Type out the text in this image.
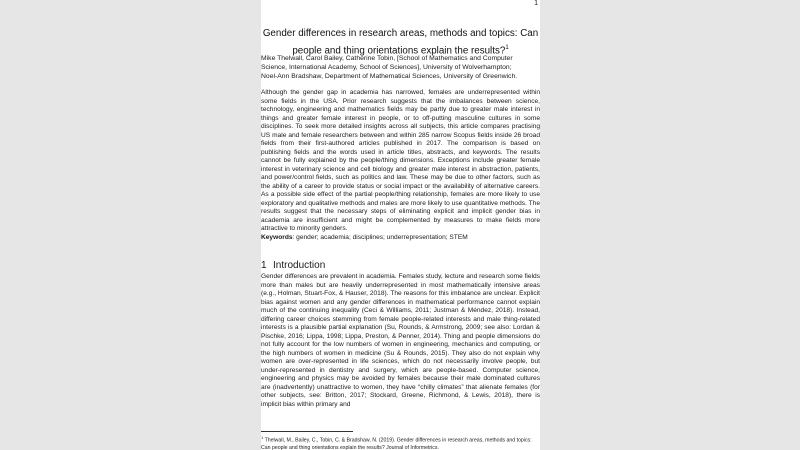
1
Gender differences in research areas, methods and topics: Can people and thing orientations explain the results?$^1$
Mike Thelwall, Carol Bailey, Catherine Tobin, [School of Mathematics and Computer Science, International Academy, School of Sciences], University of Wolverhampton;
Noel-Ann Bradshaw, Department of Mathematical Sciences, University of Greenwich.

Although the gender gap in academia has narrowed, females are underrepresented within some fields in the USA. Prior research suggests that the imbalances between science, technology, engineering and mathematics fields may be partly due to greater male interest in things and greater female interest in people, or to off-putting masculine cultures in some disciplines. To seek more detailed insights across all subjects, this article compares practising US male and female researchers between and within 285 narrow Scopus fields inside 26 broad fields from their first-authored articles published in 2017. The comparison is based on publishing fields and the words used in article titles, abstracts, and keywords. The results cannot be fully explained by the people/thing dimensions. Exceptions include greater female interest in veterinary science and cell biology and greater male interest in abstraction, patients, and power/control fields, such as politics and law. These may be due to other factors, such as the ability of a career to provide status or social impact or the availability of alternative careers. As a possible side effect of the partial people/thing relationship, females are more likely to use exploratory and qualitative methods and males are more likely to use quantitative methods. The results suggest that the necessary steps of eliminating explicit and implicit gender bias in academia are insufficient and might be complemented by measures to make fields more attractive to minority genders.

Keywords: gender; academia; disciplines; underrepresentation; STEM

1 Introduction

Gender differences are prevalent in academia. Females study, lecture and research some fields more than males but are heavily underrepresented in most mathematically intensive areas (e.g., Holman, Stuart-Fox, & Hauser, 2018). The reasons for this imbalance are unclear. Explicit bias against women and any gender differences in mathematical performance cannot explain much of the continuing inequality (Ceci & Williams, 2011; Justman & Méndez, 2018). Instead, differing career choices stemming from female people-related interests and male thing-related interests is a plausible partial explanation (Su, Rounds, & Armstrong, 2009; see also: Lordan & Pischke, 2016; Lippa, 1998; Lippa, Preston, & Penner, 2014). Thing and people dimensions do not fully account for the low numbers of women in engineering, mechanics and computing, or the high numbers of women in medicine (Su & Rounds, 2015). They also do not explain why women are over-represented in life sciences, which do not necessarily involve people, but under-represented in dentistry and surgery, which are people-based. Computer science, engineering and physics may be avoided by females because their male dominated cultures are (inadvertently) unattractive to women, they have “chilly climates” that alienate females (for other subjects, see: Britton, 2017; Stockard, Greene, Richmond, & Lewis, 2018), there is implicit bias within primary and

$^1$ Thelwall, M., Bailey, C., Tobin, C. & Bradshaw, N. (2019). Gender differences in research areas, methods and topics: Can people and thing orientations explain the results? Journal of Informetrics.
